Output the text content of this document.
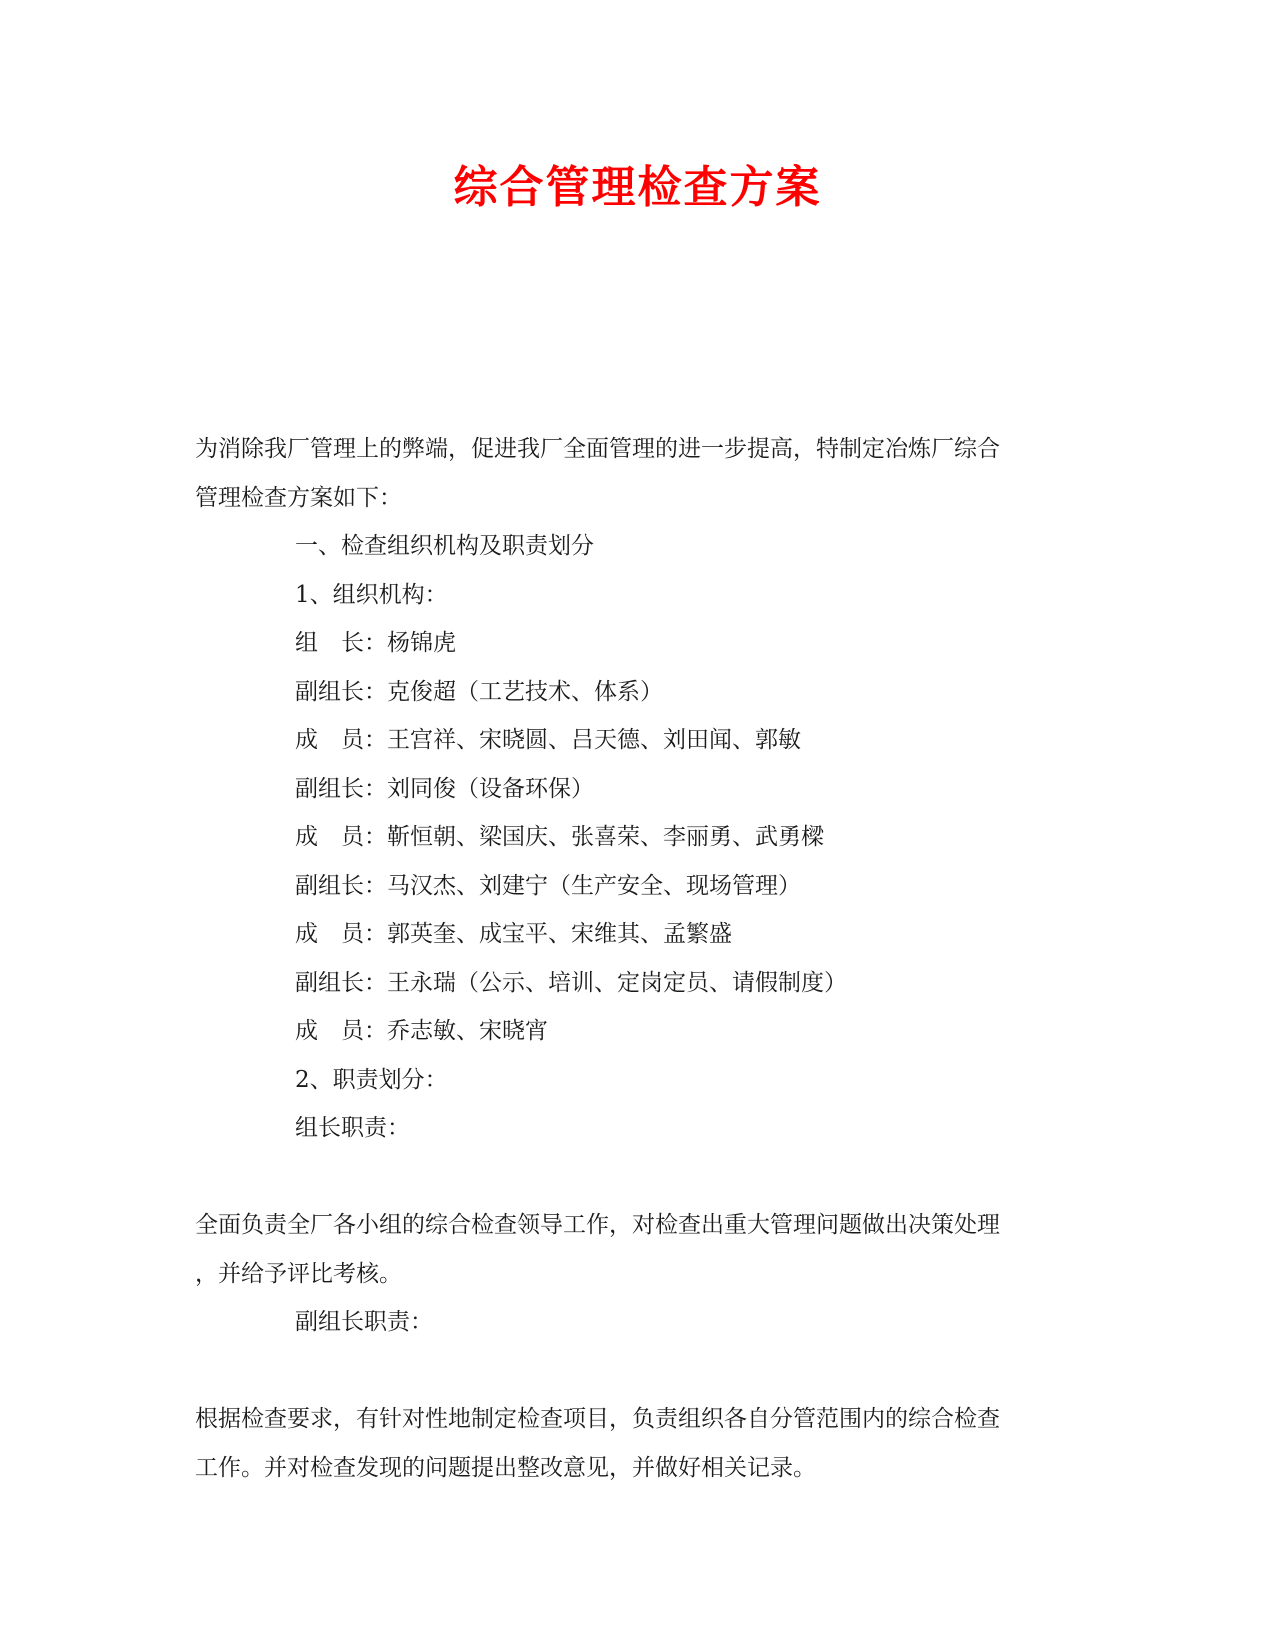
综合管理检查方案
为消除我厂管理上的弊端，促进我厂全面管理的进一步提高，特制定冶炼厂综合
管理检查方案如下：
一、检查组织机构及职责划分
1、组织机构：
组　长：杨锦虎
副组长：克俊超（工艺技术、体系）
成　员：王宫祥、宋晓圆、吕天德、刘田闻、郭敏
副组长：刘同俊（设备环保）
成　员：靳恒朝、梁国庆、张喜荣、李丽勇、武勇樑
副组长：马汉杰、刘建宁（生产安全、现场管理）
成　员：郭英奎、成宝平、宋维其、孟繁盛
副组长：王永瑞（公示、培训、定岗定员、请假制度）
成　员：乔志敏、宋晓宵
2、职责划分：
组长职责：
全面负责全厂各小组的综合检查领导工作，对检查出重大管理问题做出决策处理
，并给予评比考核。
副组长职责：
根据检查要求，有针对性地制定检查项目，负责组织各自分管范围内的综合检查
工作。并对检查发现的问题提出整改意见，并做好相关记录。
